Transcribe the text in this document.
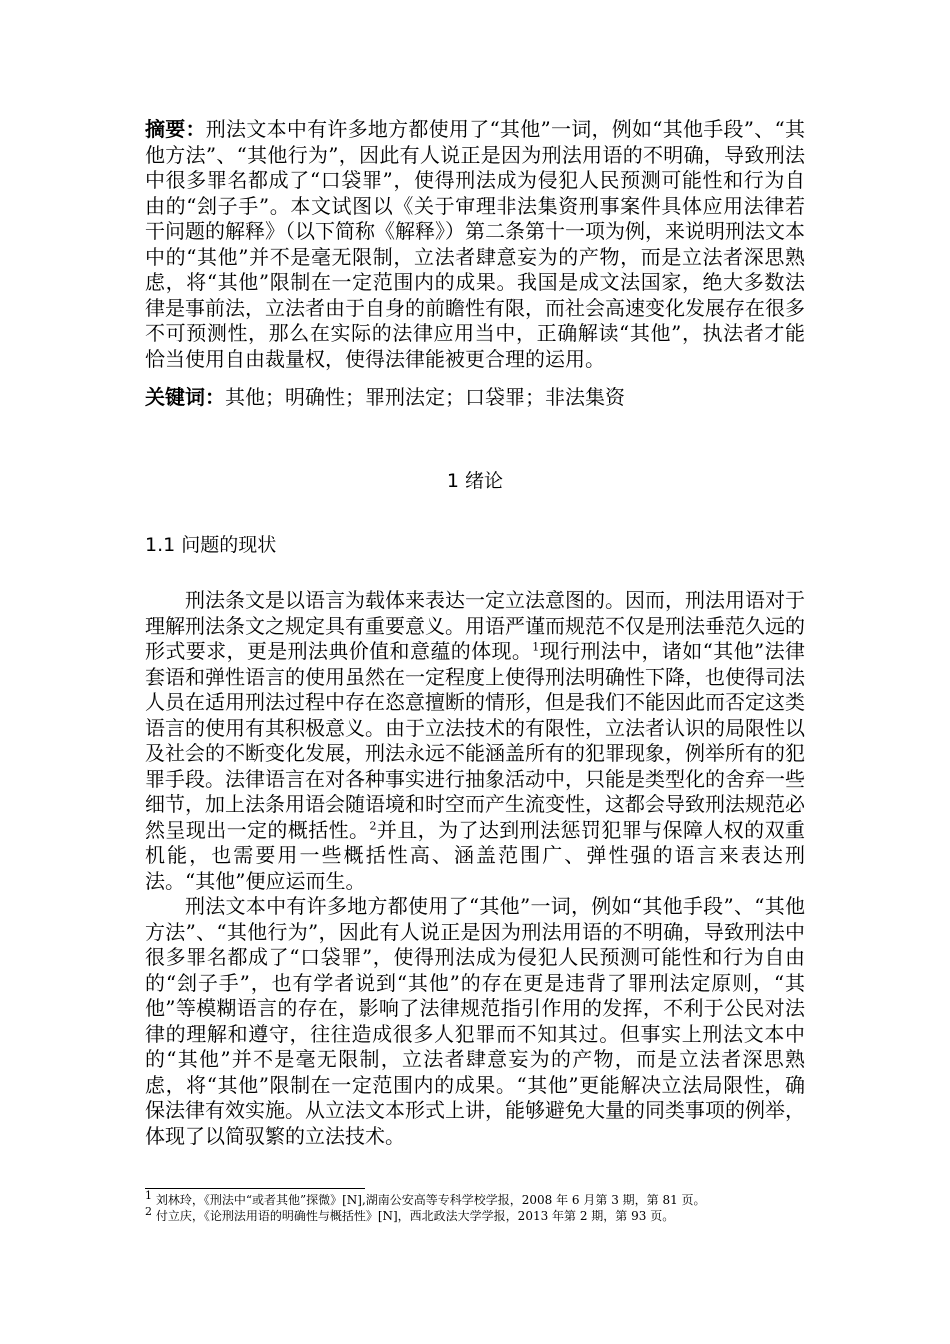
摘要：刑法文本中有许多地方都使用了“其他”一词，例如“其他手段”、“其他方法”、“其他行为”，因此有人说正是因为刑法用语的不明确，导致刑法中很多罪名都成了“口袋罪”，使得刑法成为侵犯人民预测可能性和行为自由的“刽子手”。本文试图以《关于审理非法集资刑事案件具体应用法律若干问题的解释》（以下简称《解释》）第二条第十一项为例，来说明刑法文本中的“其他”并不是毫无限制，立法者肆意妄为的产物，而是立法者深思熟虑，将“其他”限制在一定范围内的成果。我国是成文法国家，绝大多数法律是事前法，立法者由于自身的前瞻性有限，而社会高速变化发展存在很多不可预测性，那么在实际的法律应用当中，正确解读“其他”，执法者才能恰当使用自由裁量权，使得法律能被更合理的运用。
关键词：其他；明确性；罪刑法定；口袋罪；非法集资
1 绪论
1.1 问题的现状

刑法条文是以语言为载体来表达一定立法意图的。因而，刑法用语对于理解刑法条文之规定具有重要意义。用语严谨而规范不仅是刑法垂范久远的形式要求，更是刑法典价值和意蕴的体现。$^1$现行刑法中，诸如“其他”法律套语和弹性语言的使用虽然在一定程度上使得刑法明确性下降，也使得司法人员在适用刑法过程中存在恣意擅断的情形，但是我们不能因此而否定这类语言的使用有其积极意义。由于立法技术的有限性，立法者认识的局限性以及社会的不断变化发展，刑法永远不能涵盖所有的犯罪现象，例举所有的犯罪手段。法律语言在对各种事实进行抽象活动中，只能是类型化的舍弃一些细节，加上法条用语会随语境和时空而产生流变性，这都会导致刑法规范必然呈现出一定的概括性。$^2$并且，为了达到刑法惩罚犯罪与保障人权的双重机能，也需要用一些概括性高、涵盖范围广、弹性强的语言来表达刑法。“其他”便应运而生。

刑法文本中有许多地方都使用了“其他”一词，例如“其他手段”、“其他方法”、“其他行为”，因此有人说正是因为刑法用语的不明确，导致刑法中很多罪名都成了“口袋罪”，使得刑法成为侵犯人民预测可能性和行为自由的“刽子手”，也有学者说到“其他”的存在更是违背了罪刑法定原则，“其他”等模糊语言的存在，影响了法律规范指引作用的发挥，不利于公民对法律的理解和遵守，往往造成很多人犯罪而不知其过。但事实上刑法文本中的“其他”并不是毫无限制，立法者肆意妄为的产物，而是立法者深思熟虑，将“其他”限制在一定范围内的成果。“其他”更能解决立法局限性，确保法律有效实施。从立法文本形式上讲，能够避免大量的同类事项的例举，体现了以简驭繁的立法技术。

$^1$ 刘林玲，《刑法中“或者其他”探微》[N],湖南公安高等专科学校学报，2008 年 6 月第 3 期，第 81 页。
$^2$ 付立庆，《论刑法用语的明确性与概括性》[N]，西北政法大学学报，2013 年第 2 期，第 93 页。
